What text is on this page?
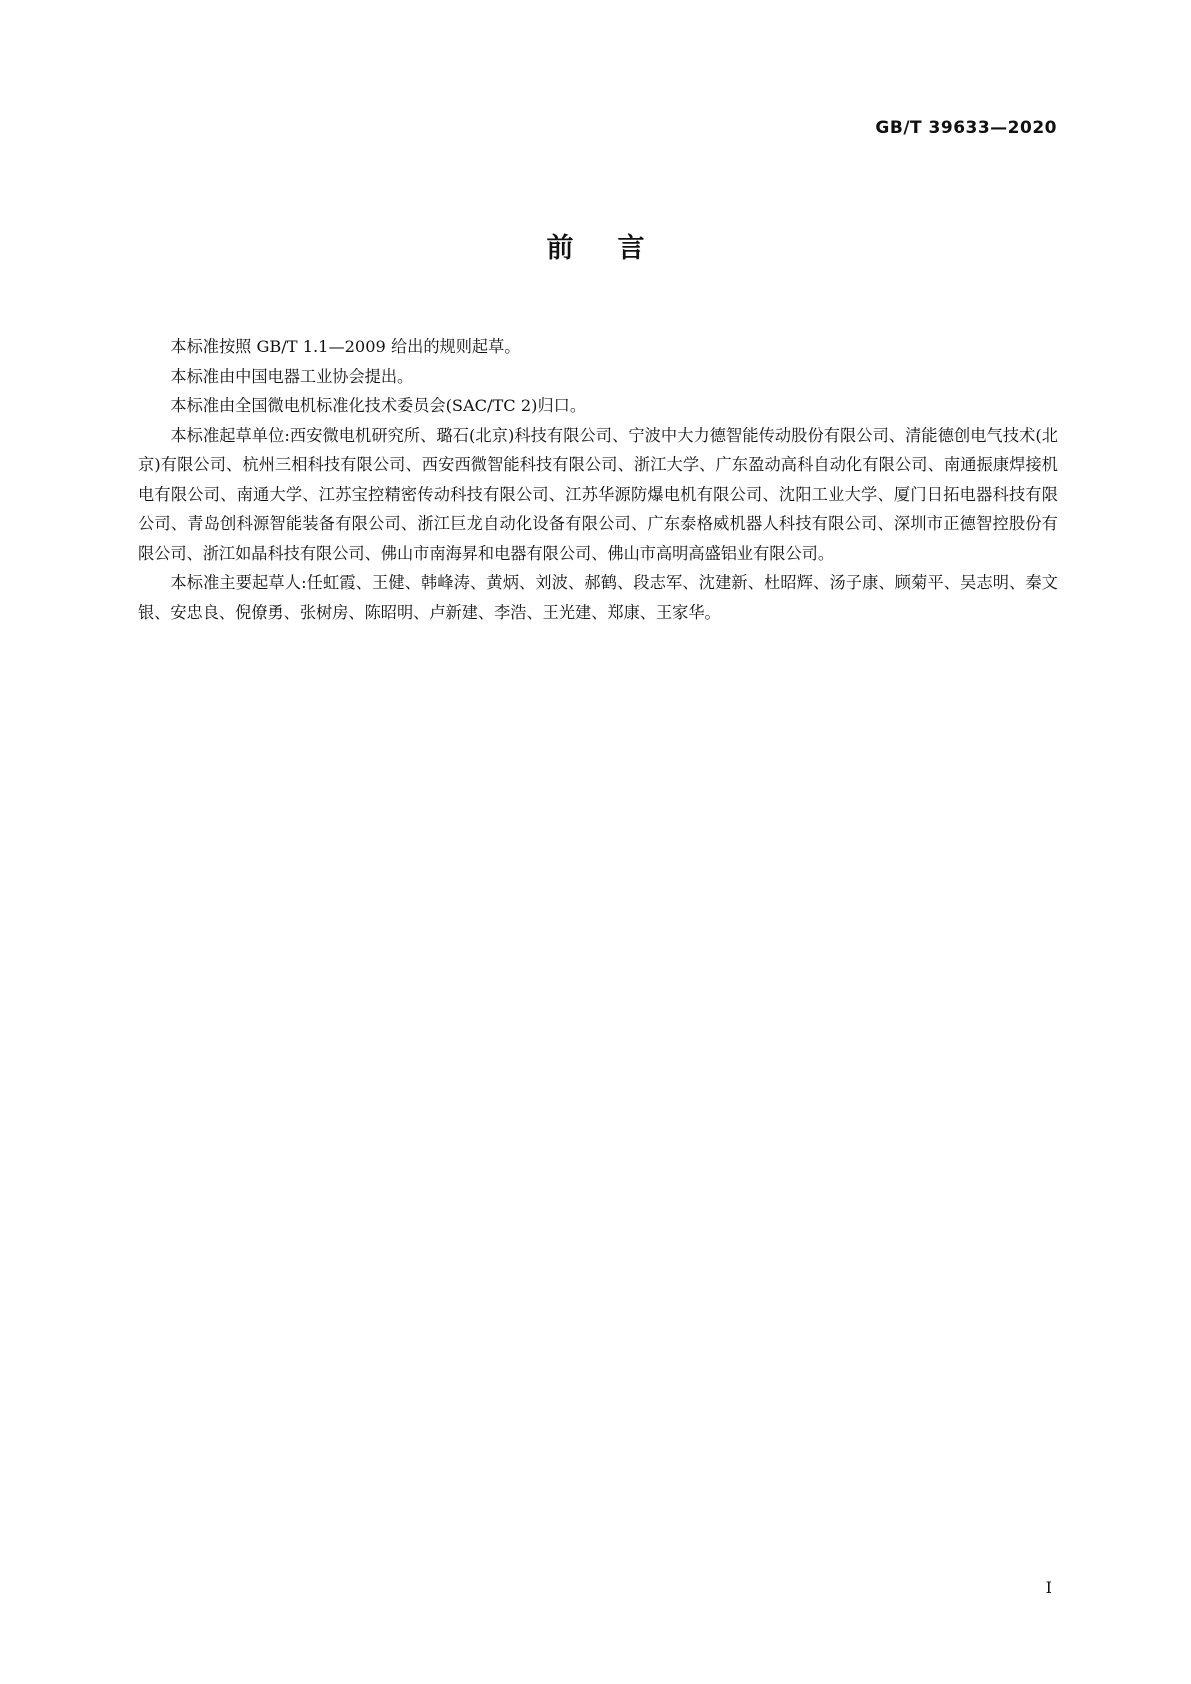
GB/T 39633—2020
前言

本标准按照 GB/T 1.1—2009 给出的规则起草。

本标准由中国电器工业协会提出。

本标准由全国微电机标准化技术委员会(SAC/TC 2)归口。

本标准起草单位:西安微电机研究所、璐石(北京)科技有限公司、宁波中大力德智能传动股份有限公司、清能德创电气技术(北京)有限公司、杭州三相科技有限公司、西安西微智能科技有限公司、浙江大学、广东盈动高科自动化有限公司、南通振康焊接机电有限公司、南通大学、江苏宝控精密传动科技有限公司、江苏华源防爆电机有限公司、沈阳工业大学、厦门日拓电器科技有限公司、青岛创科源智能装备有限公司、浙江巨龙自动化设备有限公司、广东泰格威机器人科技有限公司、深圳市正德智控股份有限公司、浙江如晶科技有限公司、佛山市南海昇和电器有限公司、佛山市高明高盛铝业有限公司。

本标准主要起草人:任虹霞、王健、韩峰涛、黄炳、刘波、郝鹤、段志军、沈建新、杜昭辉、汤子康、顾菊平、吴志明、秦文银、安忠良、倪僚勇、张树房、陈昭明、卢新建、李浩、王光建、郑康、王家华。

I
